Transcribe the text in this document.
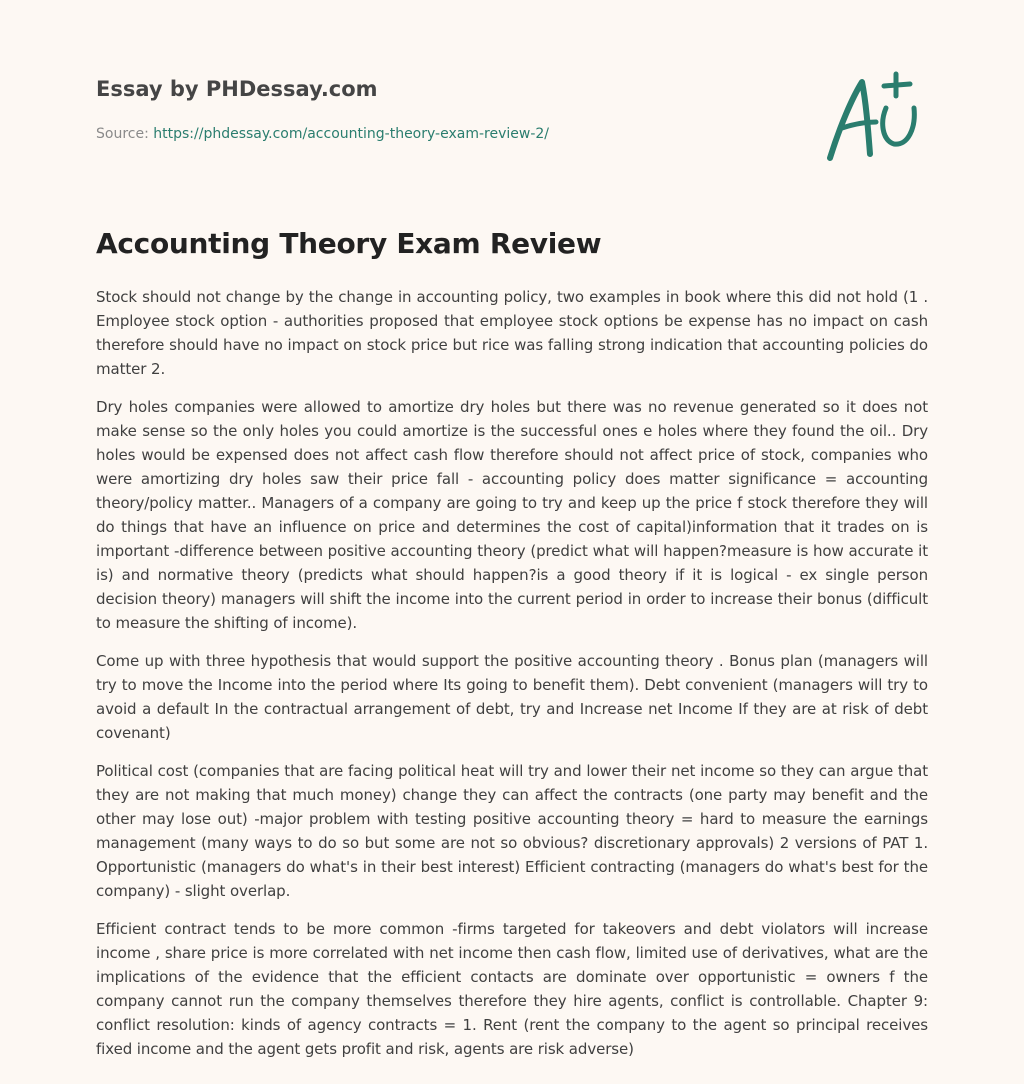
Essay by PHDessay.com
Source: https://phdessay.com/accounting-theory-exam-review-2/
Accounting Theory Exam Review

Stock should not change by the change in accounting policy, two examples in book where this did not hold (1 . Employee stock option - authorities proposed that employee stock options be expense has no impact on cash therefore should have no impact on stock price but rice was falling strong indication that accounting policies do matter 2.

Dry holes companies were allowed to amortize dry holes but there was no revenue generated so it does not make sense so the only holes you could amortize is the successful ones e holes where they found the oil.. Dry holes would be expensed does not affect cash flow therefore should not affect price of stock, companies who were amortizing dry holes saw their price fall - accounting policy does matter significance = accounting theory/policy matter.. Managers of a company are going to try and keep up the price f stock therefore they will do things that have an influence on price and determines the cost of capital)information that it trades on is important -difference between positive accounting theory (predict what will happen?measure is how accurate it is) and normative theory (predicts what should happen?is a good theory if it is logical - ex single person decision theory) managers will shift the income into the current period in order to increase their bonus (difficult to measure the shifting of income).

Come up with three hypothesis that would support the positive accounting theory . Bonus plan (managers will try to move the Income into the period where Its going to benefit them). Debt convenient (managers will try to avoid a default In the contractual arrangement of debt, try and Increase net Income If they are at risk of debt covenant)

Political cost (companies that are facing political heat will try and lower their net income so they can argue that they are not making that much money) change they can affect the contracts (one party may benefit and the other may lose out) -major problem with testing positive accounting theory = hard to measure the earnings management (many ways to do so but some are not so obvious? discretionary approvals) 2 versions of PAT 1. Opportunistic (managers do what's in their best interest) Efficient contracting (managers do what's best for the company) - slight overlap.

Efficient contract tends to be more common -firms targeted for takeovers and debt violators will increase income , share price is more correlated with net income then cash flow, limited use of derivatives, what are the implications of the evidence that the efficient contacts are dominate over opportunistic = owners f the company cannot run the company themselves therefore they hire agents, conflict is controllable. Chapter 9: conflict resolution: kinds of agency contracts = 1. Rent (rent the company to the agent so principal receives fixed income and the agent gets profit and risk, agents are risk adverse)
